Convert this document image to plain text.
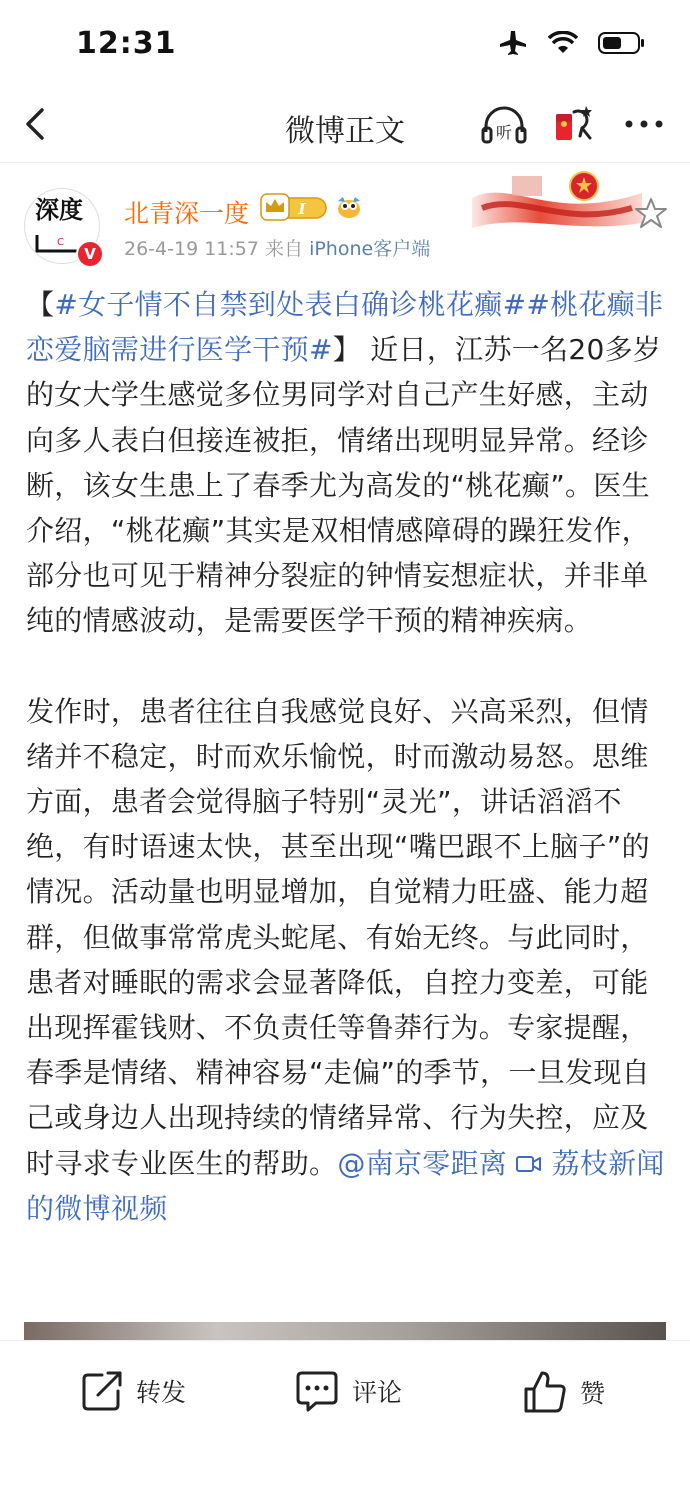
12:31
微博正文	听
深度
C
V
北青深一度	I
26-4-19 11:57 来自 iPhone客户端

【#女子情不自禁到处表白确诊桃花癫##桃花癫非恋爱脑需进行医学干预#】 近日，江苏一名20多岁的女大学生感觉多位男同学对自己产生好感，主动向多人表白但接连被拒，情绪出现明显异常。经诊断，该女生患上了春季尤为高发的“桃花癫”。医生介绍，“桃花癫”其实是双相情感障碍的躁狂发作，部分也可见于精神分裂症的钟情妄想症状，并非单纯的情感波动，是需要医学干预的精神疾病。

发作时，患者往往自我感觉良好、兴高采烈，但情绪并不稳定，时而欢乐愉悦，时而激动易怒。思维方面，患者会觉得脑子特别“灵光”，讲话滔滔不绝，有时语速太快，甚至出现“嘴巴跟不上脑子”的情况。活动量也明显增加，自觉精力旺盛、能力超群，但做事常常虎头蛇尾、有始无终。与此同时，患者对睡眠的需求会显著降低，自控力变差，可能出现挥霍钱财、不负责任等鲁莽行为。专家提醒，春季是情绪、精神容易“走偏”的季节，一旦发现自己或身边人出现持续的情绪异常、行为失控，应及时寻求专业医生的帮助。@南京零距离 荔枝新闻的微博视频

转发	评论	赞
